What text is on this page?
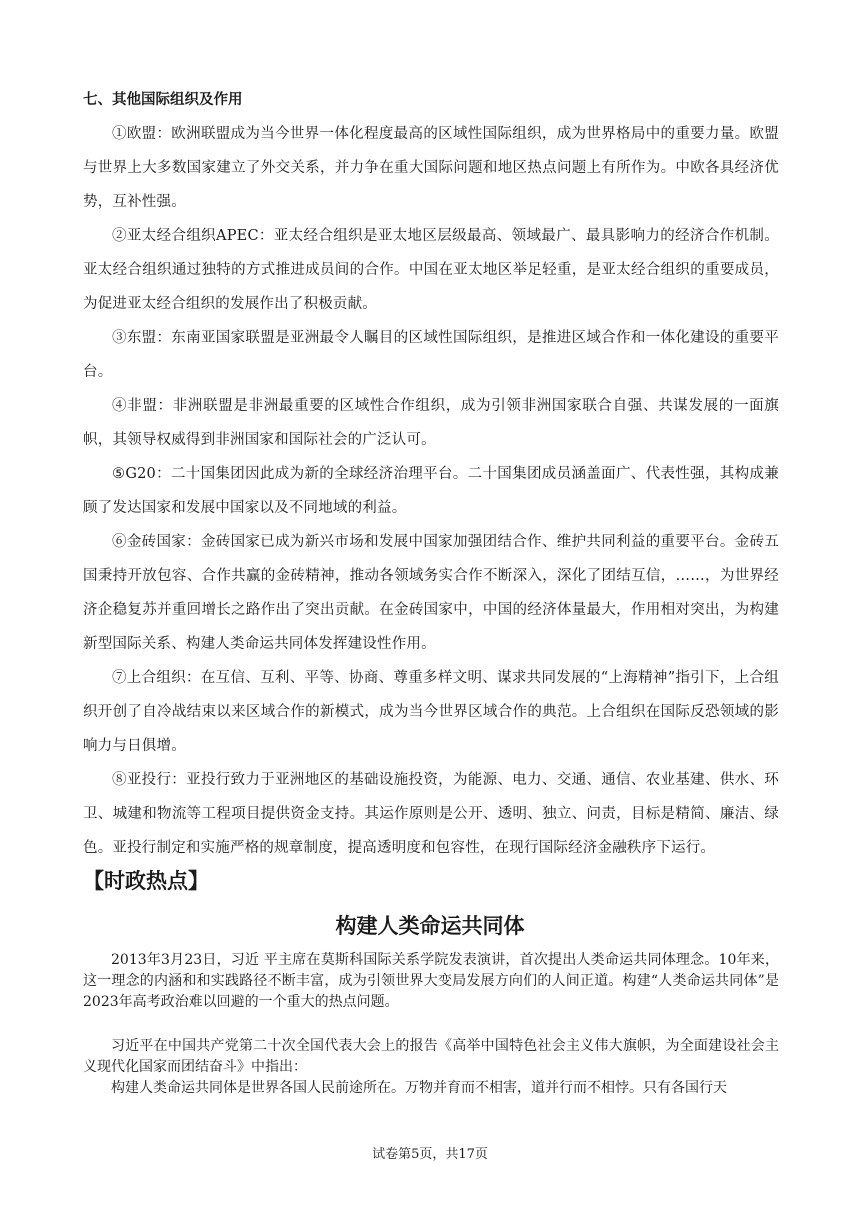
七、其他国际组织及作用

①欧盟：欧洲联盟成为当今世界一体化程度最高的区域性国际组织，成为世界格局中的重要力量。欧盟与世界上大多数国家建立了外交关系，并力争在重大国际问题和地区热点问题上有所作为。中欧各具经济优势，互补性强。

②亚太经合组织APEC：亚太经合组织是亚太地区层级最高、领域最广、最具影响力的经济合作机制。亚太经合组织通过独特的方式推进成员间的合作。中国在亚太地区举足轻重，是亚太经合组织的重要成员，为促进亚太经合组织的发展作出了积极贡献。

③东盟：东南亚国家联盟是亚洲最令人瞩目的区域性国际组织，是推进区域合作和一体化建设的重要平台。

④非盟：非洲联盟是非洲最重要的区域性合作组织，成为引领非洲国家联合自强、共谋发展的一面旗帜，其领导权威得到非洲国家和国际社会的广泛认可。

⑤G20：二十国集团因此成为新的全球经济治理平台。二十国集团成员涵盖面广、代表性强，其构成兼顾了发达国家和发展中国家以及不同地域的利益。

⑥金砖国家：金砖国家已成为新兴市场和发展中国家加强团结合作、维护共同利益的重要平台。金砖五国秉持开放包容、合作共赢的金砖精神，推动各领域务实合作不断深入，深化了团结互信，……，为世界经济企稳复苏并重回增长之路作出了突出贡献。在金砖国家中，中国的经济体量最大，作用相对突出，为构建新型国际关系、构建人类命运共同体发挥建设性作用。

⑦上合组织：在互信、互利、平等、协商、尊重多样文明、谋求共同发展的“上海精神”指引下，上合组织开创了自冷战结束以来区域合作的新模式，成为当今世界区域合作的典范。上合组织在国际反恐领域的影响力与日俱增。

⑧亚投行：亚投行致力于亚洲地区的基础设施投资，为能源、电力、交通、通信、农业基建、供水、环卫、城建和物流等工程项目提供资金支持。其运作原则是公开、透明、独立、问责，目标是精简、廉洁、绿色。亚投行制定和实施严格的规章制度，提高透明度和包容性，在现行国际经济金融秩序下运行。

【时政热点】
构建人类命运共同体

2013年3月23日，习近 平主席在莫斯科国际关系学院发表演讲，首次提出人类命运共同体理念。10年来，这一理念的内涵和和实践路径不断丰富，成为引领世界大变局发展方向们的人间正道。构建“人类命运共同体”是2023年高考政治难以回避的一个重大的热点问题。

习近平在中国共产党第二十次全国代表大会上的报告《高举中国特色社会主义伟大旗帜，为全面建设社会主义现代化国家而团结奋斗》中指出：

构建人类命运共同体是世界各国人民前途所在。万物并育而不相害，道并行而不相悖。只有各国行天

试卷第5页，共17页
